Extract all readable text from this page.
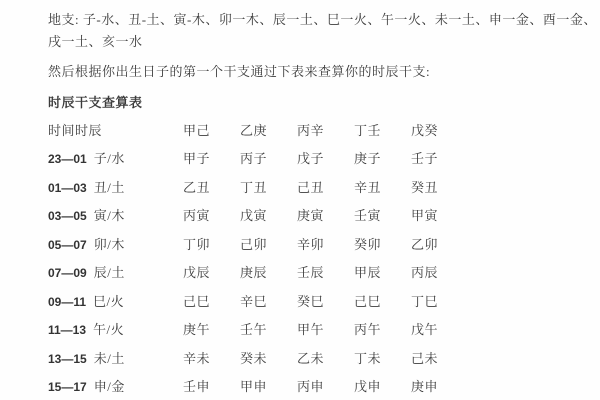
地支: 子-水、丑-土、寅-木、卯一木、辰一土、巳一火、午一火、未一土、申一金、酉一金、

戌一土、亥一水

然后根据你出生日子的第一个干支通过下表来查算你的时辰干支:

时辰干支查算表

时间时辰	甲己	乙庚	丙辛	丁壬	戊癸
23—01 子/水	甲子	丙子	戊子	庚子	壬子
01—03 丑/土	乙丑	丁丑	己丑	辛丑	癸丑
03—05 寅/木	丙寅	戊寅	庚寅	壬寅	甲寅
05—07 卯/木	丁卯	己卯	辛卯	癸卯	乙卯
07—09 辰/土	戊辰	庚辰	壬辰	甲辰	丙辰
09—11 巳/火	己巳	辛巳	癸巳	己巳	丁巳
11—13 午/火	庚午	壬午	甲午	丙午	戊午
13—15 未/土	辛未	癸未	乙未	丁未	己未
15—17 申/金	壬申	甲申	丙申	戊申	庚申
